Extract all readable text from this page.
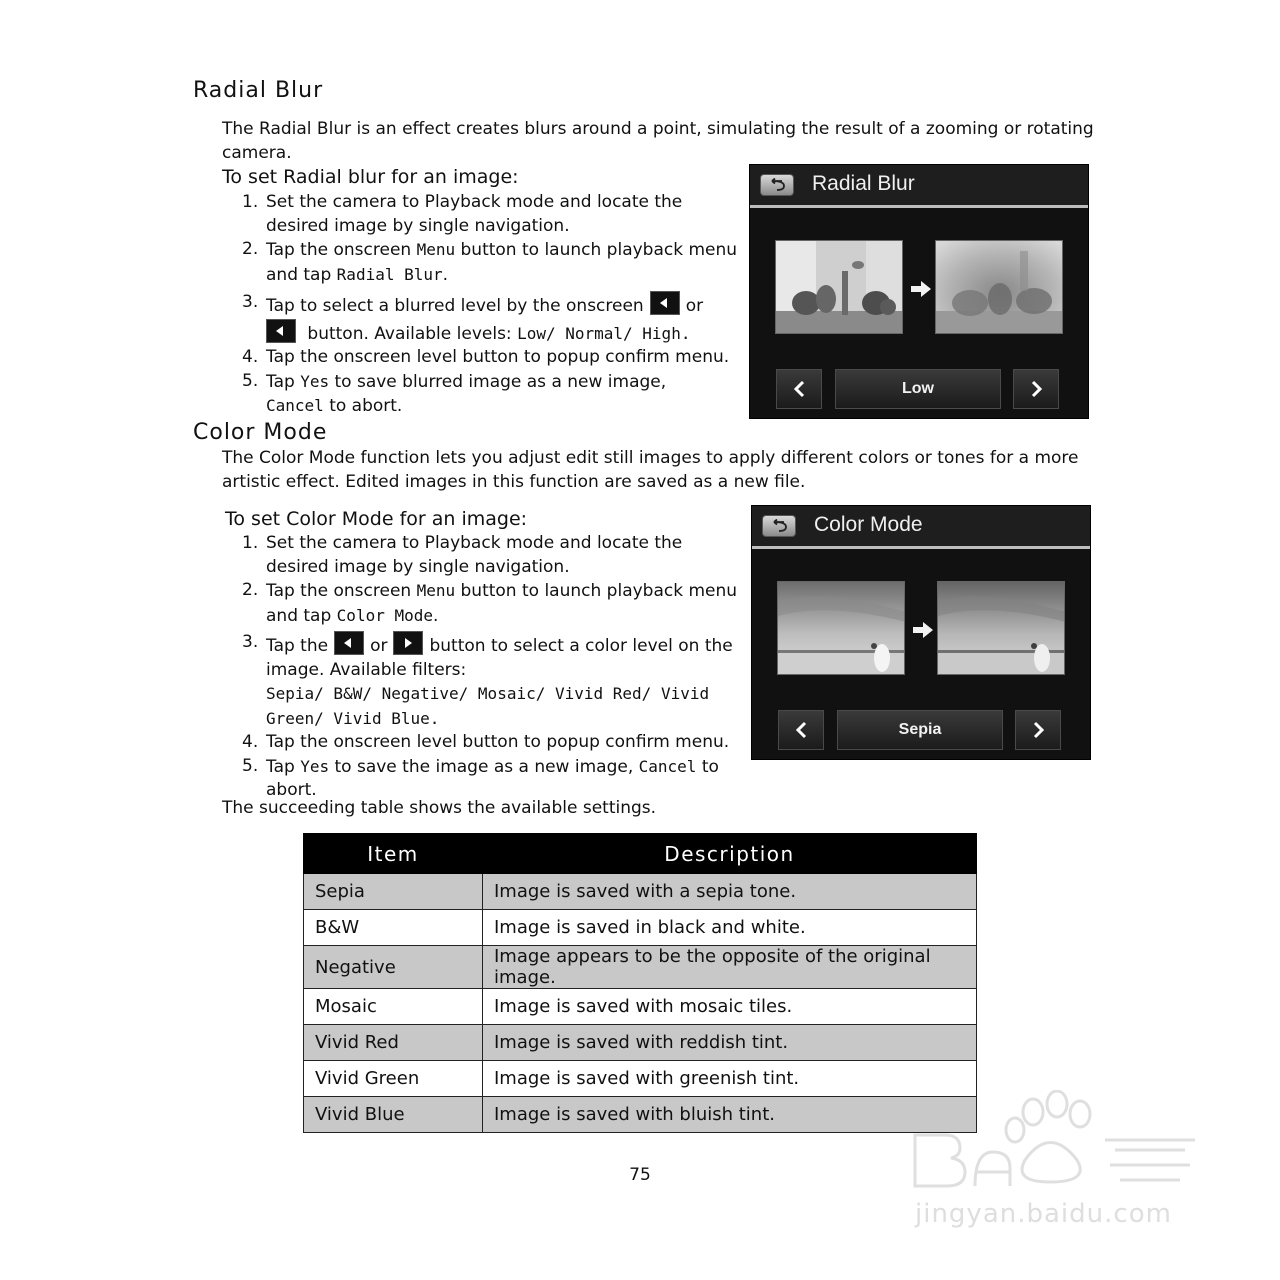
Radial Blur
The Radial Blur is an effect creates blurs around a point, simulating the result of a zooming or rotating camera.
To set Radial blur for an image:
1. Set the camera to Playback mode and locate the desired image by single navigation.
2. Tap the onscreen Menu button to launch playback menu and tap Radial Blur.
3. Tap to select a blurred level by the onscreen or

button. Available levels: Low/ Normal/ High.
4. Tap the onscreen level button to popup confirm menu.
5. Tap Yes to save blurred image as a new image,
Cancel to abort.
Radial Blur
Low
Color Mode
The Color Mode function lets you adjust edit still images to apply different colors or tones for a more artistic effect. Edited images in this function are saved as a new file.
To set Color Mode for an image:
1. Set the camera to Playback mode and locate the desired image by single navigation.
2. Tap the onscreen Menu button to launch playback menu and tap Color Mode.
3. Tap the or button to select a color level on the image. Available filters:
Sepia/ B&W/ Negative/ Mosaic/ Vivid Red/ Vivid Green/ Vivid Blue.
4. Tap the onscreen level button to popup confirm menu.
5. Tap Yes to save the image as a new image, Cancel to abort.
The succeeding table shows the available settings.
Color Mode
Sepia
Item	Description
Sepia	Image is saved with a sepia tone.
B&W	Image is saved in black and white.
Negative	Image appears to be the opposite of the original image.
Mosaic	Image is saved with mosaic tiles.
Vivid Red	Image is saved with reddish tint.
Vivid Green	Image is saved with greenish tint.
Vivid Blue	Image is saved with bluish tint.
75
jingyan.baidu.com
